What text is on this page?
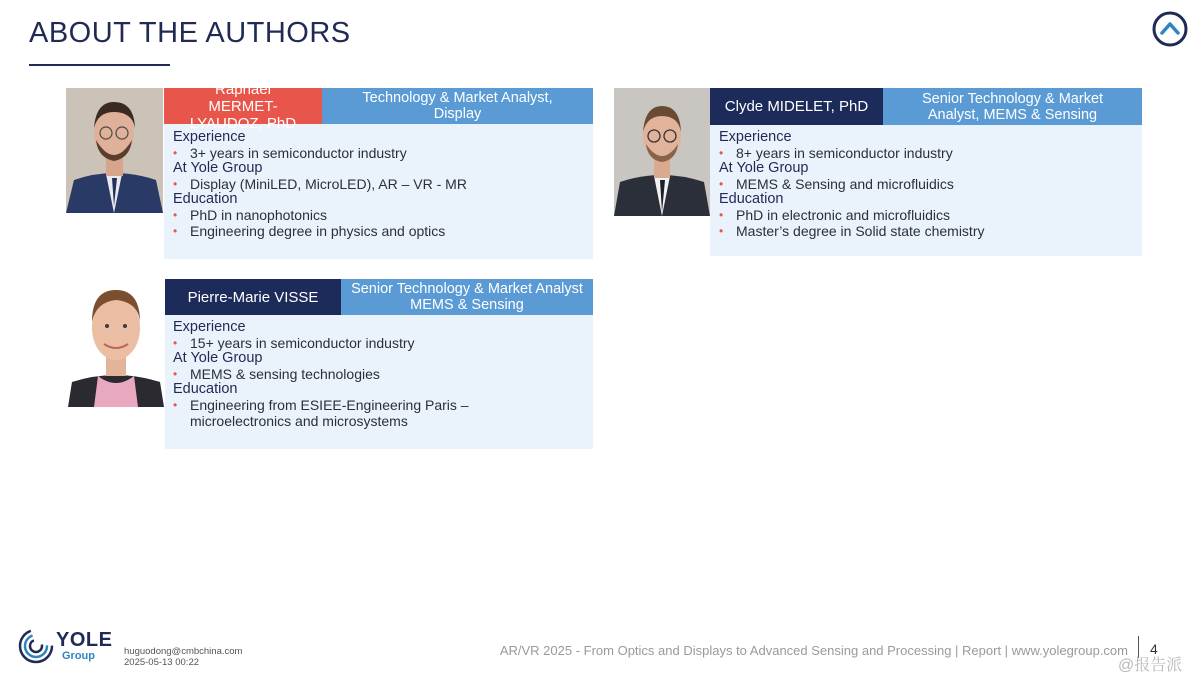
ABOUT THE AUTHORS
Raphaël MERMET-LYAUDOZ, PhD
Technology & Market Analyst, Display
Experience
• 3+ years in semiconductor industry
At Yole Group
• Display (MiniLED, MicroLED), AR – VR - MR
Education
• PhD in nanophotonics
• Engineering degree in physics and optics
Clyde MIDELET, PhD	Senior Technology & Market Analyst, MEMS & Sensing
Experience
• 8+ years in semiconductor industry
At Yole Group
• MEMS & Sensing and microfluidics
Education
• PhD in electronic and microfluidics
• Master’s degree in Solid state chemistry
Pierre-Marie VISSE	Senior Technology & Market Analyst MEMS & Sensing
Experience
• 15+ years in semiconductor industry
At Yole Group
• MEMS & sensing technologies
Education
• Engineering from ESIEE-Engineering Paris – microelectronics and microsystems
YOLE
Group	huguodong@cmbchina.com
2025-05-13 00:22
AR/VR 2025 - From Optics and Displays to Advanced Sensing and Processing | Report | www.yolegroup.com 4
@报告派
